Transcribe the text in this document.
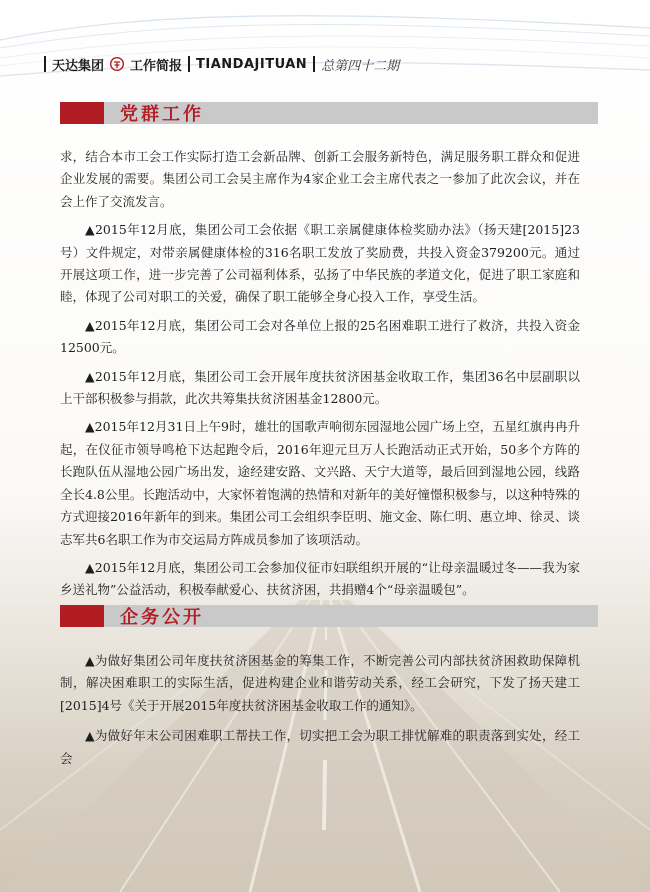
天达集团 工作简报 TIANDAJITUAN 总第四十二期
党群工作

求，结合本市工会工作实际打造工会新品牌、创新工会服务新特色，满足服务职工群众和促进企业发展的需要。集团公司工会吴主席作为4家企业工会主席代表之一参加了此次会议，并在会上作了交流发言。

▲2015年12月底，集团公司工会依据《职工亲属健康体检奖励办法》（扬天建[2015]23号）文件规定，对带亲属健康体检的316名职工发放了奖励费，共投入资金379200元。通过开展这项工作，进一步完善了公司福利体系，弘扬了中华民族的孝道文化，促进了职工家庭和睦，体现了公司对职工的关爱，确保了职工能够全身心投入工作，享受生活。

▲2015年12月底，集团公司工会对各单位上报的25名困难职工进行了救济，共投入资金12500元。

▲2015年12月底，集团公司工会开展年度扶贫济困基金收取工作，集团36名中层副职以上干部积极参与捐款，此次共筹集扶贫济困基金12800元。

▲2015年12月31日上午9时，雄壮的国歌声响彻东园湿地公园广场上空，五星红旗冉冉升起，在仪征市领导鸣枪下达起跑令后，2016年迎元旦万人长跑活动正式开始，50多个方阵的长跑队伍从湿地公园广场出发，途经建安路、文兴路、天宁大道等，最后回到湿地公园，线路全长4.8公里。长跑活动中，大家怀着饱满的热情和对新年的美好憧憬积极参与，以这种特殊的方式迎接2016年新年的到来。集团公司工会组织李臣明、施文金、陈仁明、惠立坤、徐灵、谈志军共6名职工作为市交运局方阵成员参加了该项活动。

▲2015年12月底，集团公司工会参加仪征市妇联组织开展的“让母亲温暖过冬——我为家乡送礼物”公益活动，积极奉献爱心、扶贫济困，共捐赠4个“母亲温暖包”。

企务公开

▲为做好集团公司年度扶贫济困基金的筹集工作，不断完善公司内部扶贫济困救助保障机制，解决困难职工的实际生活，促进构建企业和谐劳动关系，经工会研究，下发了扬天建工[2015]4号《关于开展2015年度扶贫济困基金收取工作的通知》。

▲为做好年末公司困难职工帮扶工作，切实把工会为职工排忧解难的职责落到实处，经工会
